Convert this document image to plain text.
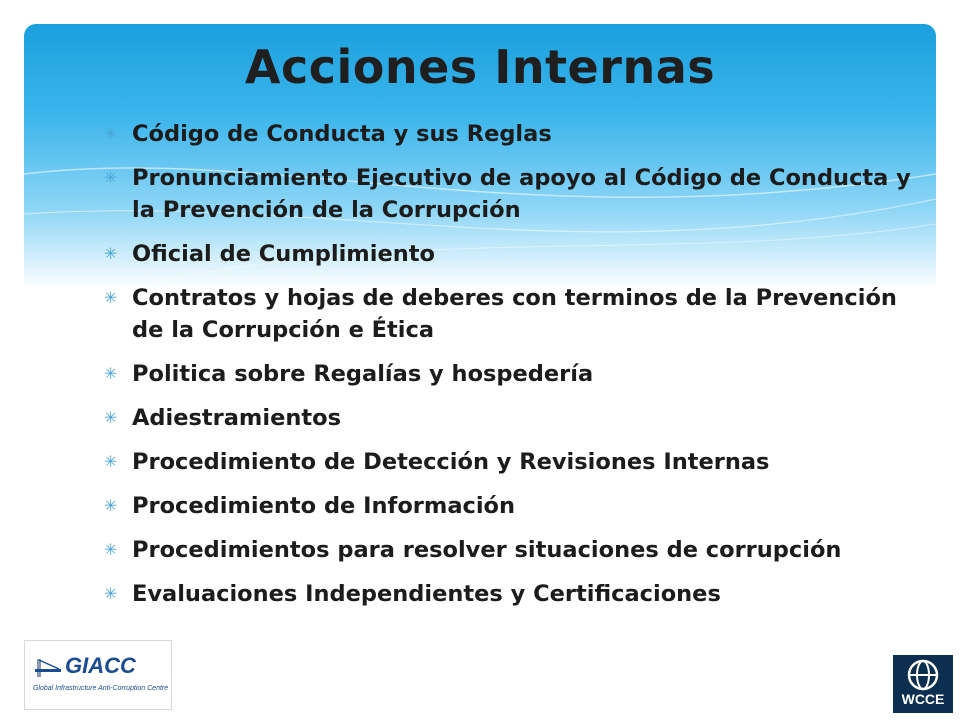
Acciones Internas
✳ Código de Conducta y sus Reglas
✳ Pronunciamiento Ejecutivo de apoyo al Código de Conducta y la Prevención de la Corrupción
✳ Oficial de Cumplimiento
✳ Contratos y hojas de deberes con terminos de la Prevención de la Corrupción e Ética
✳ Politica sobre Regalías y hospedería
✳ Adiestramientos
✳ Procedimiento de Detección y Revisiones Internas
✳ Procedimiento de Información
✳ Procedimientos para resolver situaciones de corrupción
✳ Evaluaciones Independientes y Certificaciones
GIACC
Global Infrastructure Anti-Corruption Centre
WCCE
